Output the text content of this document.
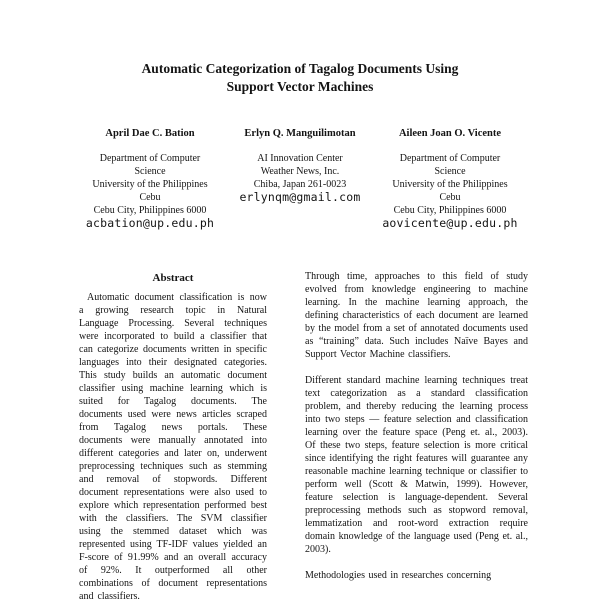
Automatic Categorization of Tagalog Documents Using
Support Vector Machines
April Dae C. Bation
Department of Computer
Science
University of the Philippines
Cebu
Cebu City, Philippines 6000
acbation@up.edu.ph
Erlyn Q. Manguilimotan
AI Innovation Center
Weather News, Inc.
Chiba, Japan 261-0023
erlynqm@gmail.com
Aileen Joan O. Vicente
Department of Computer
Science
University of the Philippines
Cebu
Cebu City, Philippines 6000
aovicente@up.edu.ph
Abstract

Automatic document classification is now a growing research topic in Natural Language Processing. Several techniques were incorporated to build a classifier that can categorize documents written in specific languages into their designated categories. This study builds an automatic document classifier using machine learning which is suited for Tagalog documents. The documents used were news articles scraped from Tagalog news portals. These documents were manually annotated into different categories and later on, underwent preprocessing techniques such as stemming and removal of stopwords. Different document representations were also used to explore which representation performed best with the classifiers. The SVM classifier using the stemmed dataset which was represented using TF-IDF values yielded an F-score of 91.99% and an overall accuracy of 92%. It outperformed all other combinations of document representations and classifiers.

Through time, approaches to this field of study evolved from knowledge engineering to machine learning. In the machine learning approach, the defining characteristics of each document are learned by the model from a set of annotated documents used as “training” data. Such includes Naïve Bayes and Support Vector Machine classifiers.

Different standard machine learning techniques treat text categorization as a standard classification problem, and thereby reducing the learning process into two steps — feature selection and classification learning over the feature space (Peng et. al., 2003). Of these two steps, feature selection is more critical since identifying the right features will guarantee any reasonable machine learning technique or classifier to perform well (Scott & Matwin, 1999). However, feature selection is language-dependent. Several preprocessing methods such as stopword removal, lemmatization and root-word extraction require domain knowledge of the language used (Peng et. al., 2003).

Methodologies used in researches concerning
